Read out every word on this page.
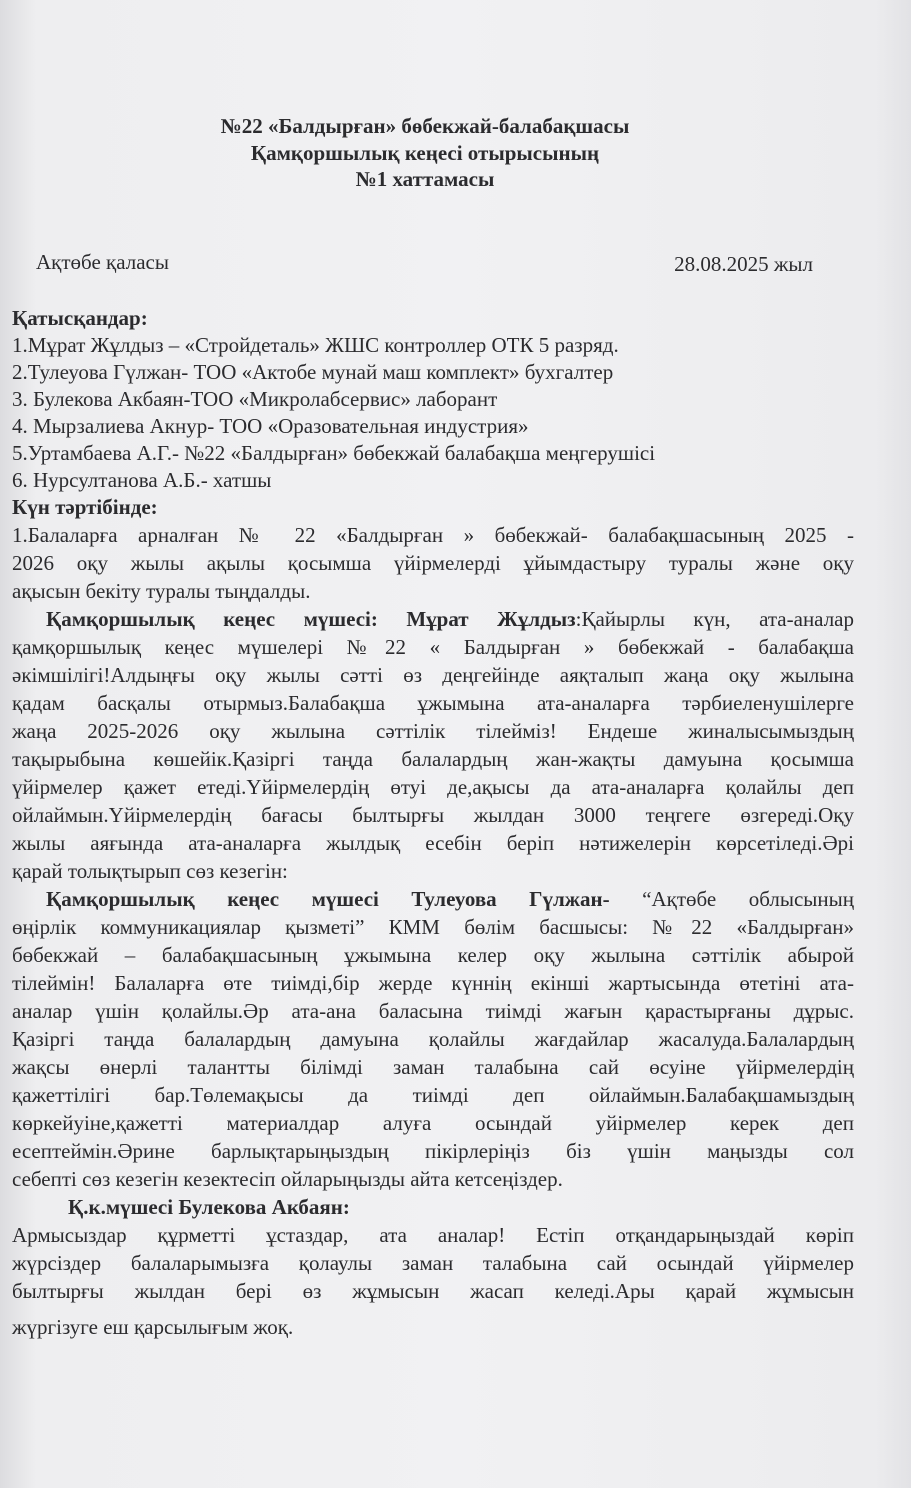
№22 «Балдырған» бөбекжай-балабақшасы
Қамқоршылық кеңесі отырысының
№1 хаттамасы
Ақтөбе қаласы	28.08.2025 жыл
Қатысқандар:
1.Мұрат Жұлдыз – «Стройдеталь» ЖШС контроллер ОТК 5 разряд.
2.Тулеуова Гүлжан- ТОО «Актобе мунай маш комплект» бухгалтер
3. Булекова Акбаян-ТОО «Микролабсервис» лаборант
4. Мырзалиева Акнур- ТОО «Оразовательная индустрия»
5.Уртамбаева А.Г.- №22 «Балдырған» бөбекжай балабақша меңгерушісі
6. Нурсултанова А.Б.- хатшы
Күн тәртібінде:
1.Балаларға арналған № 22 «Балдырған » бөбекжай- балабақшасының 2025 -
2026 оқу жылы ақылы қосымша үйірмелерді ұйымдастыру туралы және оқу
ақысын бекіту туралы тыңдалды.
Қамқоршылық кеңес мүшесі: Мұрат Жұлдыз:Қайырлы күн, ата-аналар
қамқоршылық кеңес мүшелері №22 « Балдырған » бөбекжай - балабақша
әкімшілігі!Алдыңғы оқу жылы сәтті өз деңгейінде аяқталып жаңа оқу жылына
қадам басқалы отырмыз.Балабақша ұжымына ата-аналарға тәрбиеленушілерге
жаңа 2025-2026 оқу жылына сәттілік тілейміз! Ендеше жиналысымыздың
тақырыбына көшейік.Қазіргі таңда балалардың жан-жақты дамуына қосымша
үйірмелер қажет етеді.Үйірмелердің өтуі де,ақысы да ата-аналарға қолайлы деп
ойлаймын.Үйірмелердің бағасы былтырғы жылдан 3000 теңгеге өзгереді.Оқу
жылы аяғында ата-аналарға жылдық есебін беріп нәтижелерін көрсетіледі.Әрі
қарай толықтырып сөз кезегін:
Қамқоршылық кеңес мүшесі Тулеуова Гүлжан- “Ақтөбе облысының
өңірлік коммуникациялар қызметі” КММ бөлім басшысы: №22 «Балдырған»
бөбекжай – балабақшасының ұжымына келер оқу жылына сәттілік абырой
тілеймін! Балаларға өте тиімді,бір жерде күннің екінші жартысында өтетіні ата-
аналар үшін қолайлы.Әр ата-ана баласына тиімді жағын қарастырғаны дұрыс.
Қазіргі таңда балалардың дамуына қолайлы жағдайлар жасалуда.Балалардың
жақсы өнерлі талантты білімді заман талабына сай өсуіне үйірмелердің
қажеттілігі бар.Төлемақысы да тиімді деп ойлаймын.Балабақшамыздың
көркейуіне,қажетті материалдар алуға осындай уйірмелер керек деп
есептеймін.Әрине барлықтарыңыздың пікірлеріңіз біз үшін маңызды сол
себепті сөз кезегін кезектесіп ойларыңызды айта кетсеңіздер.
Қ.к.мүшесі Булекова Акбаян:
Армысыздар құрметті ұстаздар, ата аналар! Естіп отқандарыңыздай көріп
жүрсіздер балаларымызға қолаулы заман талабына сай осындай үйірмелер
былтырғы жылдан бері өз жұмысын жасап келеді.Ары қарай жұмысын
жүргізуге еш қарсылығым жоқ.
